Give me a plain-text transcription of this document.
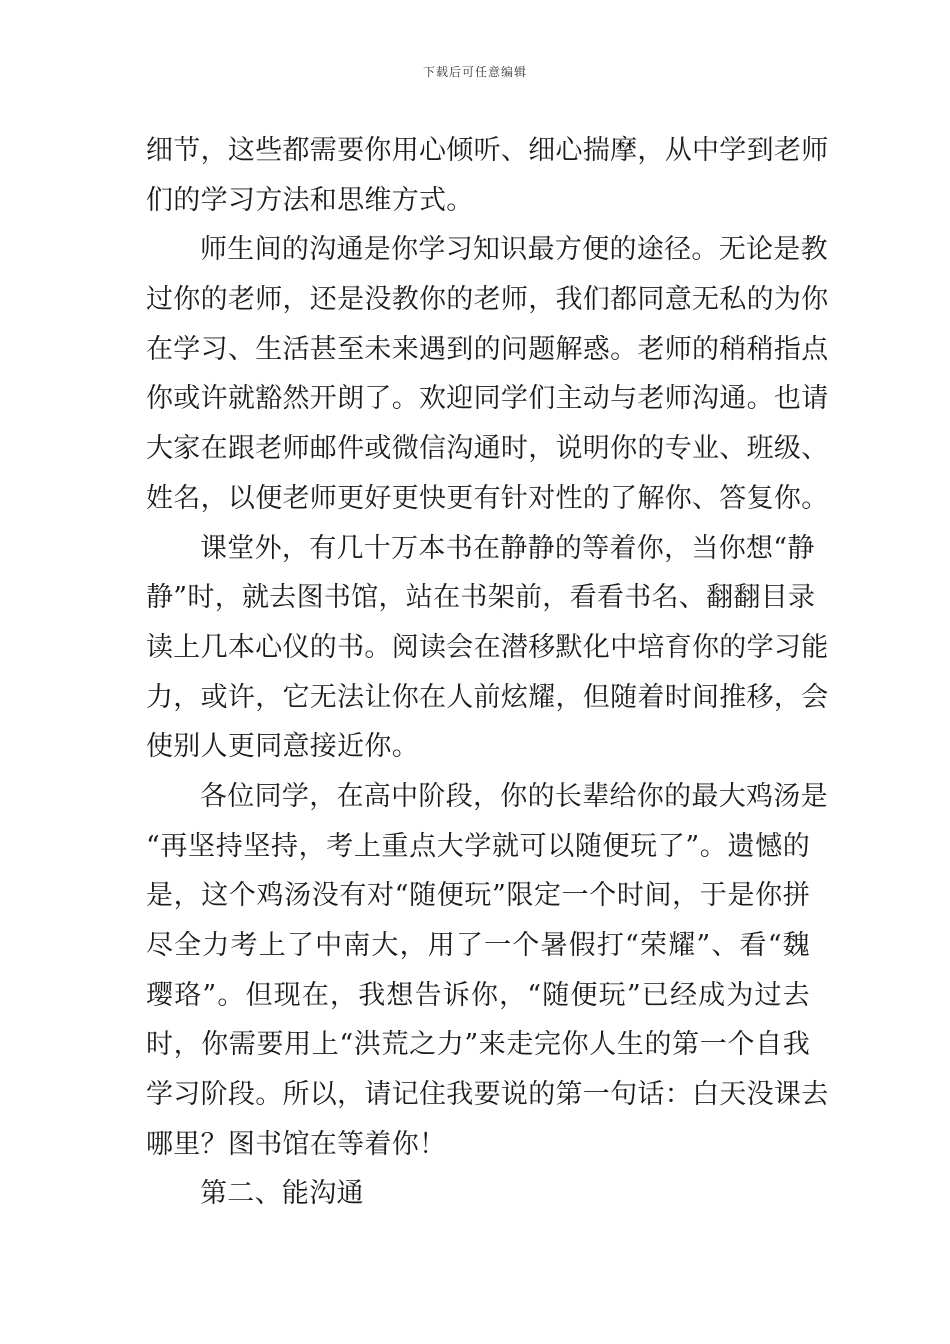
下载后可任意编辑
细节，这些都需要你用心倾听、细心揣摩，从中学到老师
们的学习方法和思维方式。
师生间的沟通是你学习知识最方便的途径。无论是教
过你的老师，还是没教你的老师，我们都同意无私的为你
在学习、生活甚至未来遇到的问题解惑。老师的稍稍指点
你或许就豁然开朗了。欢迎同学们主动与老师沟通。也请
大家在跟老师邮件或微信沟通时，说明你的专业、班级、
姓名，以便老师更好更快更有针对性的了解你、答复你。
课堂外，有几十万本书在静静的等着你，当你想“静
静”时，就去图书馆，站在书架前，看看书名、翻翻目录
读上几本心仪的书。阅读会在潜移默化中培育你的学习能
力，或许，它无法让你在人前炫耀，但随着时间推移，会
使别人更同意接近你。
各位同学，在高中阶段，你的长辈给你的最大鸡汤是
“再坚持坚持，考上重点大学就可以随便玩了”。遗憾的
是，这个鸡汤没有对“随便玩”限定一个时间，于是你拼
尽全力考上了中南大，用了一个暑假打“荣耀”、看“魏
璎珞”。但现在，我想告诉你，“随便玩”已经成为过去
时，你需要用上“洪荒之力”来走完你人生的第一个自我
学习阶段。所以，请记住我要说的第一句话：白天没课去
哪里？图书馆在等着你！
第二、能沟通
